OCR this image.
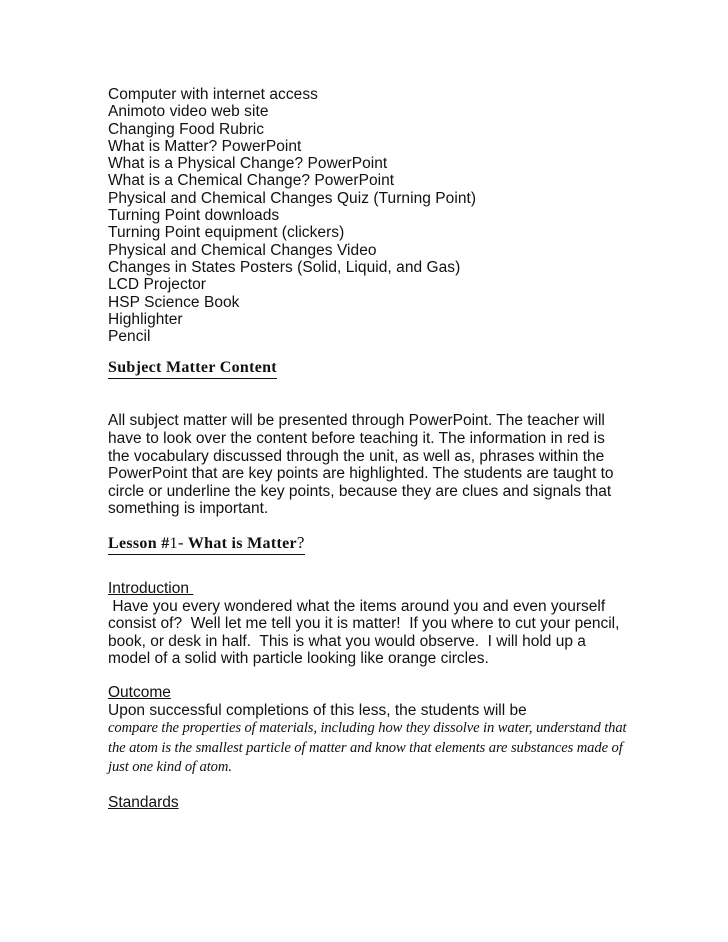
Computer with internet access
Animoto video web site
Changing Food Rubric
What is Matter? PowerPoint
What is a Physical Change? PowerPoint
What is a Chemical Change? PowerPoint
Physical and Chemical Changes Quiz (Turning Point)
Turning Point downloads
Turning Point equipment (clickers)
Physical and Chemical Changes Video
Changes in States Posters (Solid, Liquid, and Gas)
LCD Projector
HSP Science Book
Highlighter
Pencil
Subject Matter Content

All subject matter will be presented through PowerPoint. The teacher will have to look over the content before teaching it. The information in red is the vocabulary discussed through the unit, as well as, phrases within the PowerPoint that are key points are highlighted. The students are taught to circle or underline the key points, because they are clues and signals that something is important.

Lesson #1- What is Matter?
Introduction

Have you every wondered what the items around you and even yourself consist of?  Well let me tell you it is matter!  If you where to cut your pencil, book, or desk in half.  This is what you would observe.  I will hold up a model of a solid with particle looking like orange circles.

Outcome

Upon successful completions of this less, the students will be

compare the properties of materials, including how they dissolve in water, understand that the atom is the smallest particle of matter and know that elements are substances made of just one kind of atom.
Standards
